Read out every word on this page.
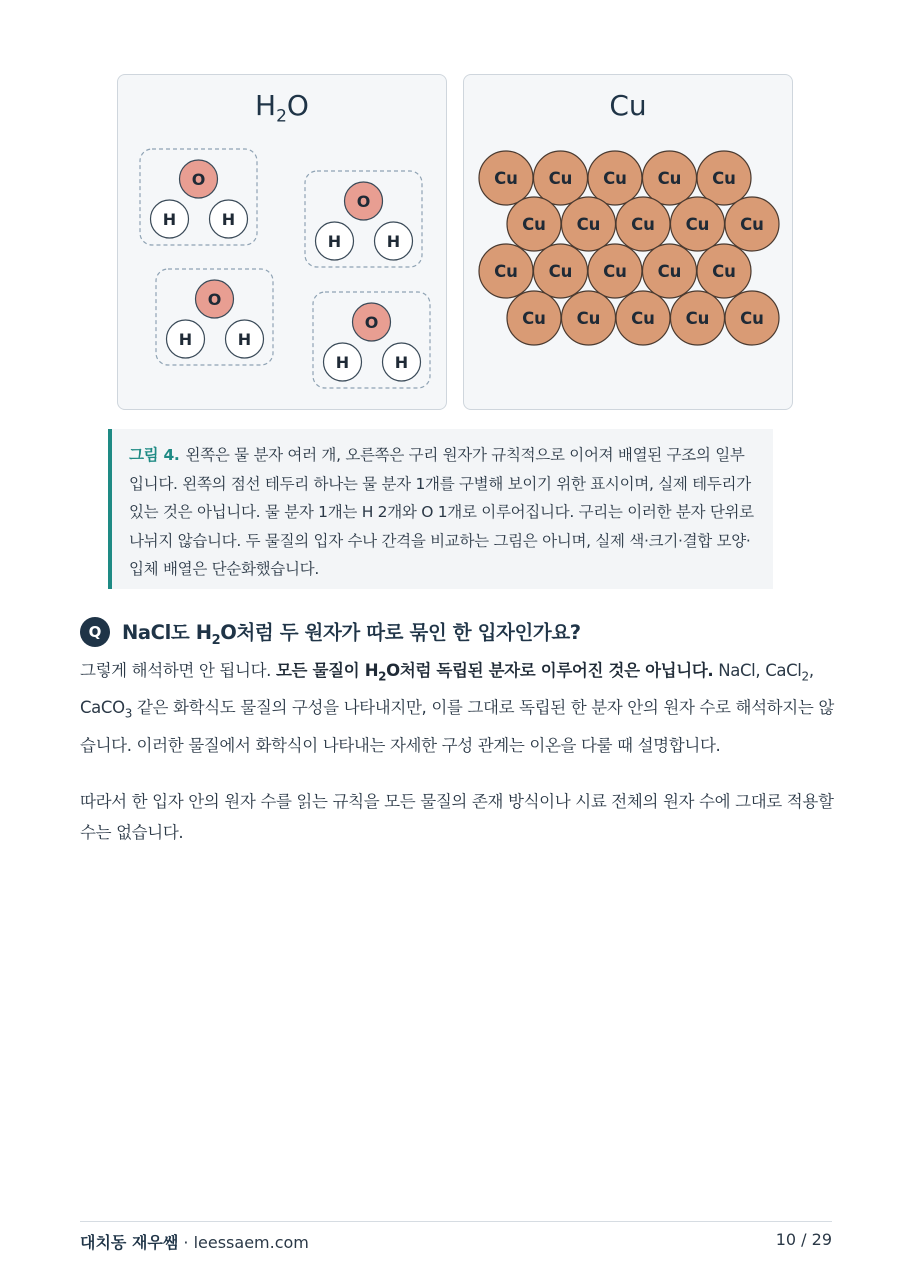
$H_2O$
O
H	H
O
H	H
O
H	H
O
H	H
Cu
Cu Cu Cu Cu Cu
Cu Cu Cu Cu Cu
Cu Cu Cu Cu Cu
Cu Cu Cu Cu Cu
그림 4. 왼쪽은 물 분자 여러 개, 오른쪽은 구리 원자가 규칙적으로 이어져 배열된 구조의 일부입니다. 왼쪽의 점선 테두리 하나는 물 분자 1개를 구별해 보이기 위한 표시이며, 실제 테두리가 있는 것은 아닙니다. 물 분자 1개는 H 2개와 O 1개로 이루어집니다. 구리는 이러한 분자 단위로 나뉘지 않습니다. 두 물질의 입자 수나 간격을 비교하는 그림은 아니며, 실제 색·크기·결합 모양·입체 배열은 단순화했습니다.
Q	NaCl도 $H_2O$처럼 두 원자가 따로 묶인 한 입자인가요?
그렇게 해석하면 안 됩니다. 모든 물질이 $H_2O$처럼 독립된 분자로 이루어진 것은 아닙니다. NaCl, CaCl$_2$, CaCO$_3$ 같은 화학식도 물질의 구성을 나타내지만, 이를 그대로 독립된 한 분자 안의 원자 수로 해석하지는 않습니다. 이러한 물질에서 화학식이 나타내는 자세한 구성 관계는 이온을 다룰 때 설명합니다.
따라서 한 입자 안의 원자 수를 읽는 규칙을 모든 물질의 존재 방식이나 시료 전체의 원자 수에 그대로 적용할 수는 없습니다.
대치동 재우쌤 · leessaem.com	10 / 29
